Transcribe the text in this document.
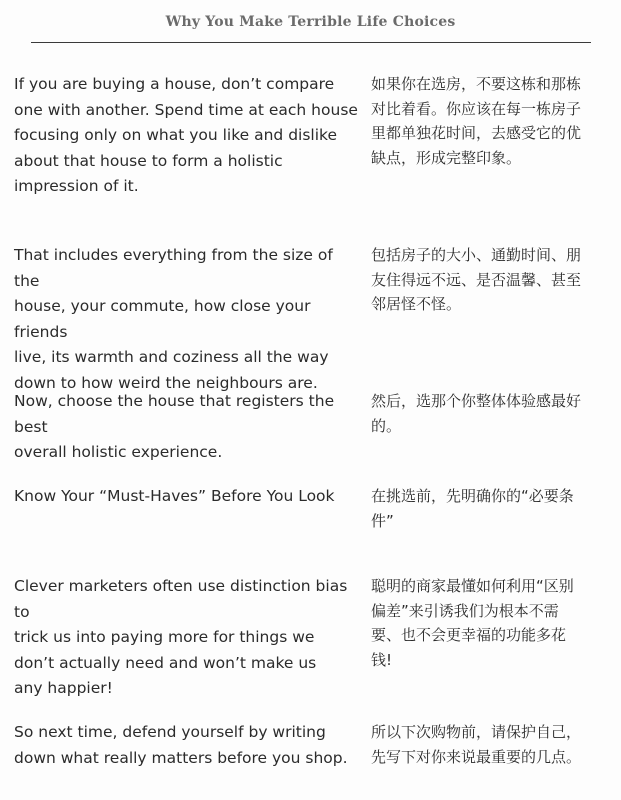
Why You Make Terrible Life Choices
If you are buying a house, don’t compare
one with another. Spend time at each house
focusing only on what you like and dislike
about that house to form a holistic
impression of it.
如果你在选房，不要这栋和那栋
对比着看。你应该在每一栋房子
里都单独花时间，去感受它的优
缺点，形成完整印象。
That includes everything from the size of the
house, your commute, how close your friends
live, its warmth and coziness all the way
down to how weird the neighbours are.
包括房子的大小、通勤时间、朋
友住得远不远、是否温馨、甚至
邻居怪不怪。
Now, choose the house that registers the best
overall holistic experience.
然后，选那个你整体体验感最好
的。
Know Your “Must-Haves” Before You Look	在挑选前，先明确你的“必要条
件”
Clever marketers often use distinction bias to
trick us into paying more for things we
don’t actually need and won’t make us
any happier!
聪明的商家最懂如何利用“区别
偏差”来引诱我们为根本不需
要、也不会更幸福的功能多花
钱!
So next time, defend yourself by writing
down what really matters before you shop.
所以下次购物前，请保护自己，
先写下对你来说最重要的几点。
